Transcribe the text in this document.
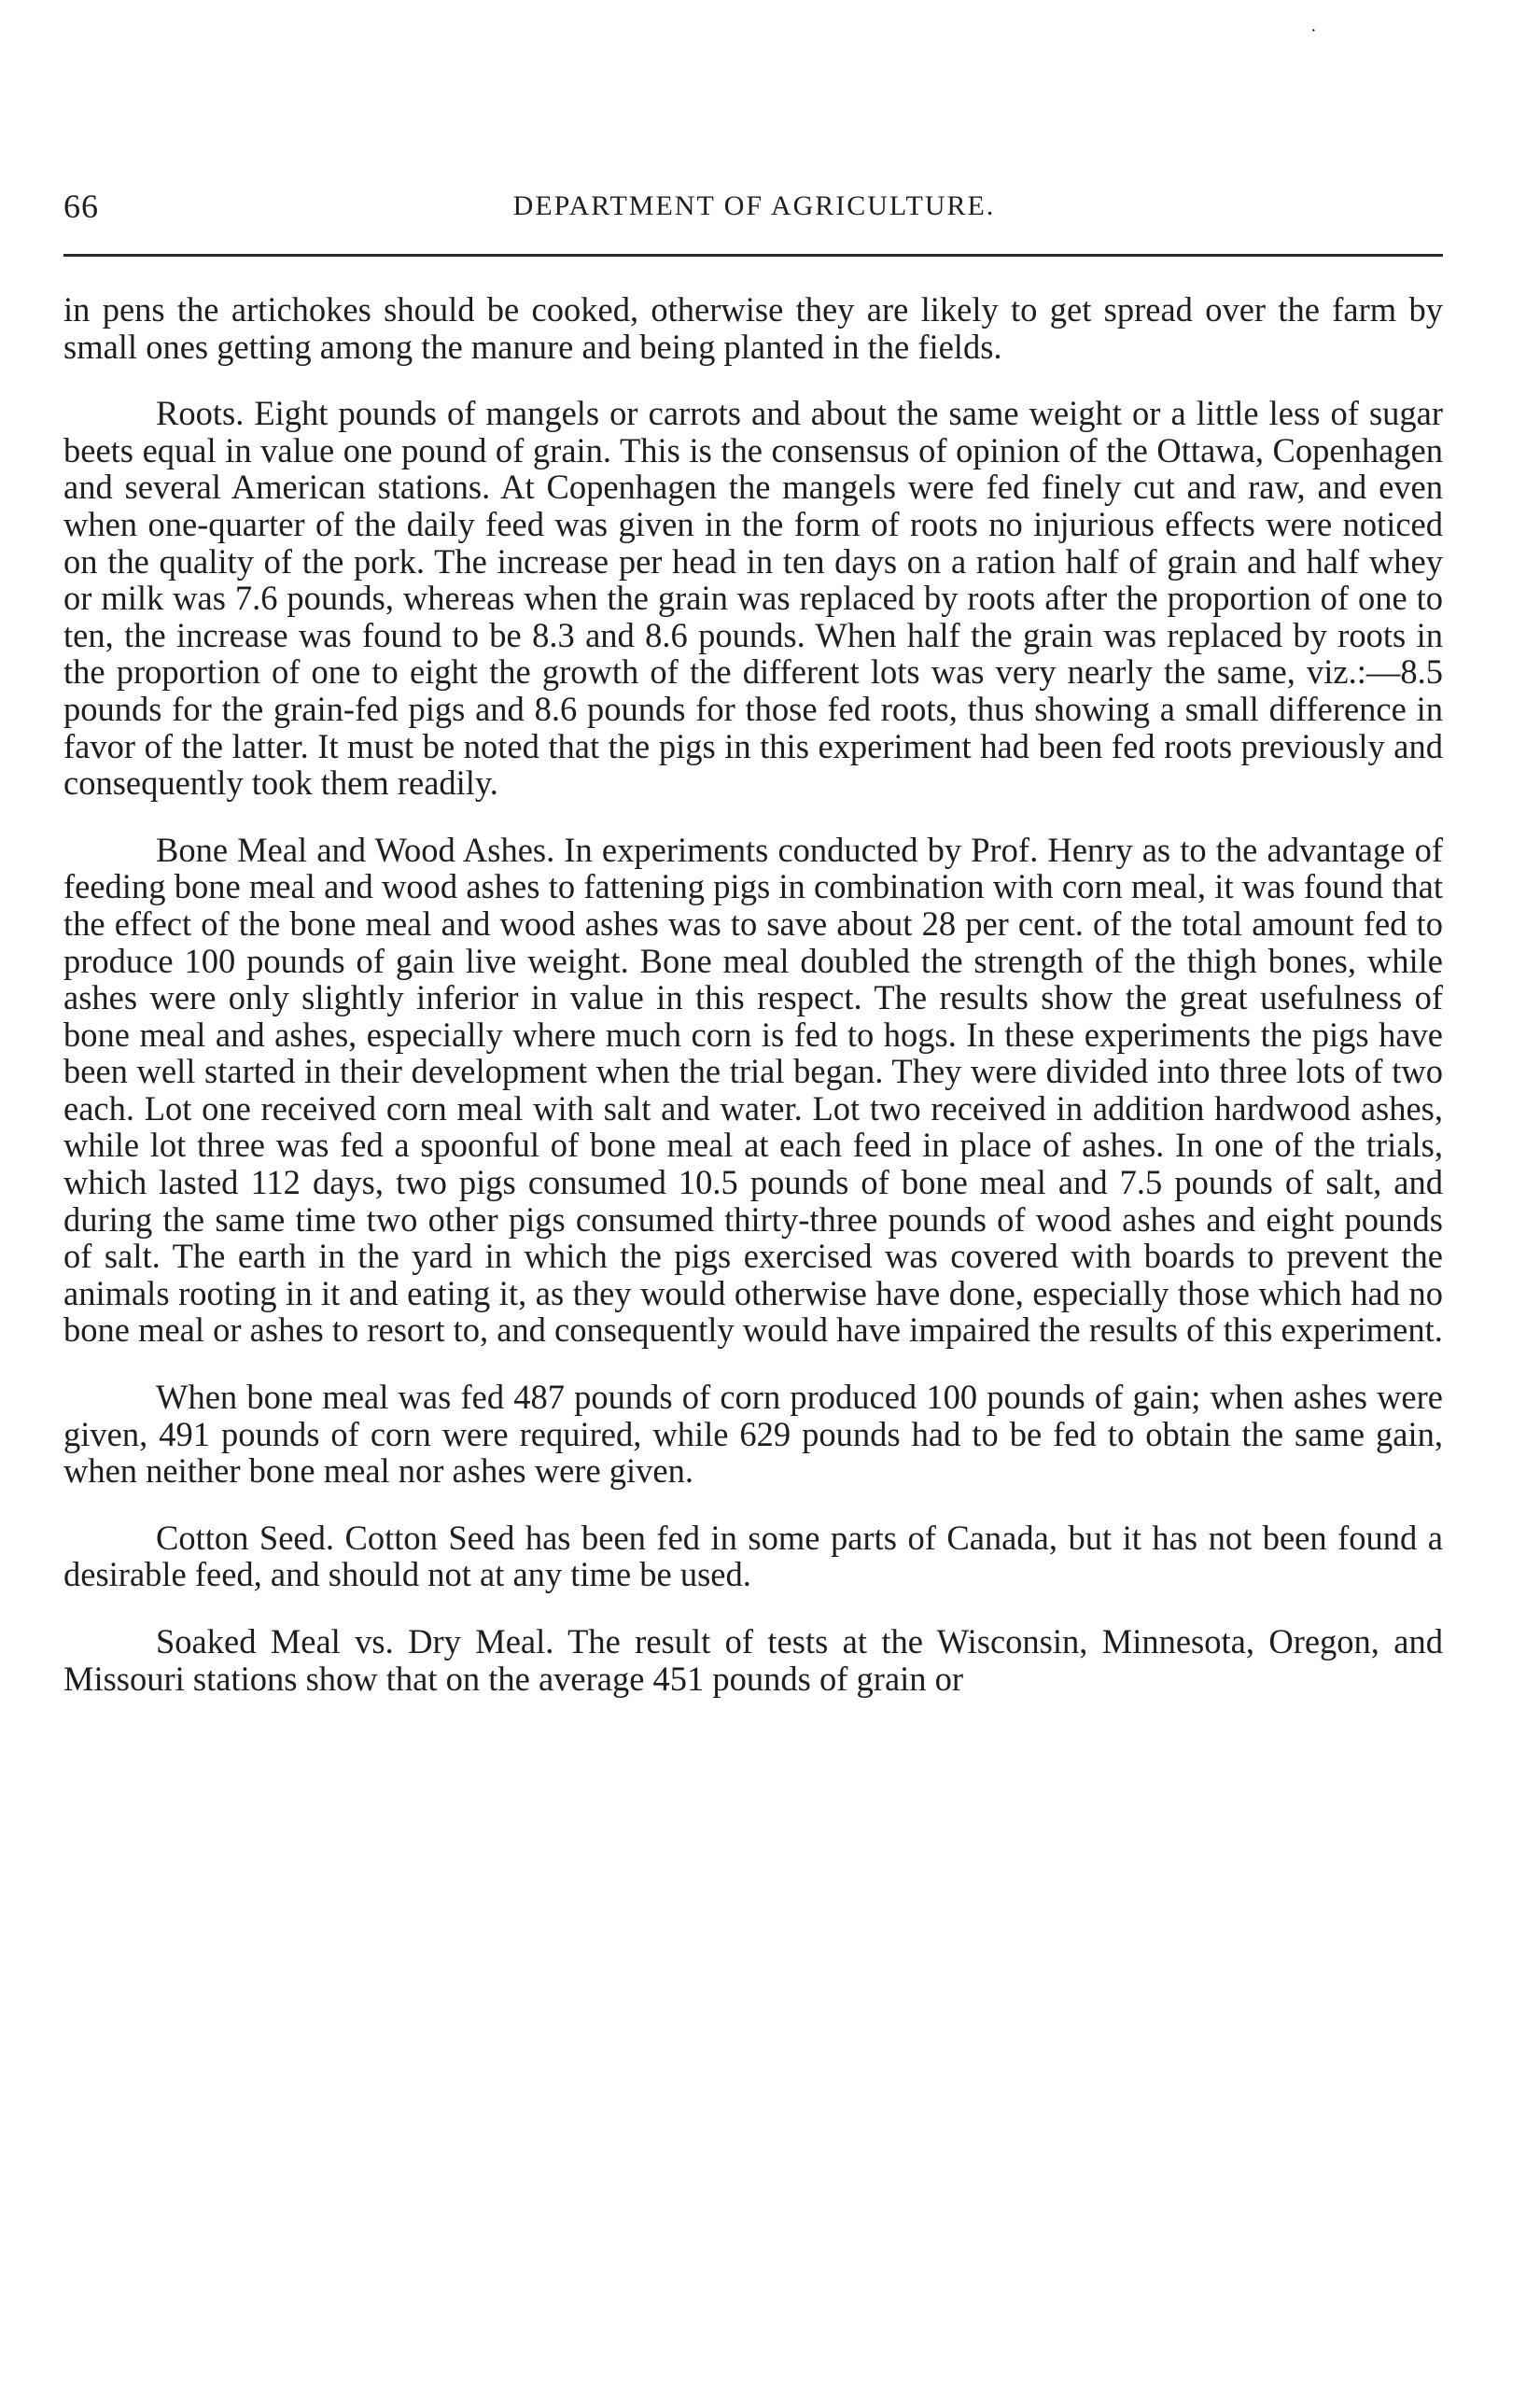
·
66	DEPARTMENT OF AGRICULTURE.

in pens the artichokes should be cooked, otherwise they are likely to get spread over the farm by small ones getting among the manure and being planted in the fields.

Roots. Eight pounds of mangels or carrots and about the same weight or a little less of sugar beets equal in value one pound of grain. This is the consensus of opinion of the Ottawa, Copenhagen and several American stations. At Copenhagen the mangels were fed finely cut and raw, and even when one-quarter of the daily feed was given in the form of roots no injurious effects were noticed on the quality of the pork. The increase per head in ten days on a ration half of grain and half whey or milk was 7.6 pounds, whereas when the grain was replaced by roots after the proportion of one to ten, the increase was found to be 8.3 and 8.6 pounds. When half the grain was replaced by roots in the proportion of one to eight the growth of the different lots was very nearly the same, viz.:—8.5 pounds for the grain-fed pigs and 8.6 pounds for those fed roots, thus showing a small difference in favor of the latter. It must be noted that the pigs in this experiment had been fed roots previously and consequently took them readily.

Bone Meal and Wood Ashes. In experiments conducted by Prof. Henry as to the advantage of feeding bone meal and wood ashes to fattening pigs in combination with corn meal, it was found that the effect of the bone meal and wood ashes was to save about 28 per cent. of the total amount fed to produce 100 pounds of gain live weight. Bone meal doubled the strength of the thigh bones, while ashes were only slightly inferior in value in this respect. The results show the great usefulness of bone meal and ashes, especially where much corn is fed to hogs. In these experiments the pigs have been well started in their development when the trial began. They were divided into three lots of two each. Lot one received corn meal with salt and water. Lot two received in addition hardwood ashes, while lot three was fed a spoonful of bone meal at each feed in place of ashes. In one of the trials, which lasted 112 days, two pigs consumed 10.5 pounds of bone meal and 7.5 pounds of salt, and during the same time two other pigs consumed thirty-three pounds of wood ashes and eight pounds of salt. The earth in the yard in which the pigs exercised was covered with boards to prevent the animals rooting in it and eating it, as they would otherwise have done, especially those which had no bone meal or ashes to resort to, and consequently would have impaired the results of this experiment.

When bone meal was fed 487 pounds of corn produced 100 pounds of gain; when ashes were given, 491 pounds of corn were required, while 629 pounds had to be fed to obtain the same gain, when neither bone meal nor ashes were given.

Cotton Seed. Cotton Seed has been fed in some parts of Canada, but it has not been found a desirable feed, and should not at any time be used.

Soaked Meal vs. Dry Meal. The result of tests at the Wisconsin, Minnesota, Oregon, and Missouri stations show that on the average 451 pounds of grain or
